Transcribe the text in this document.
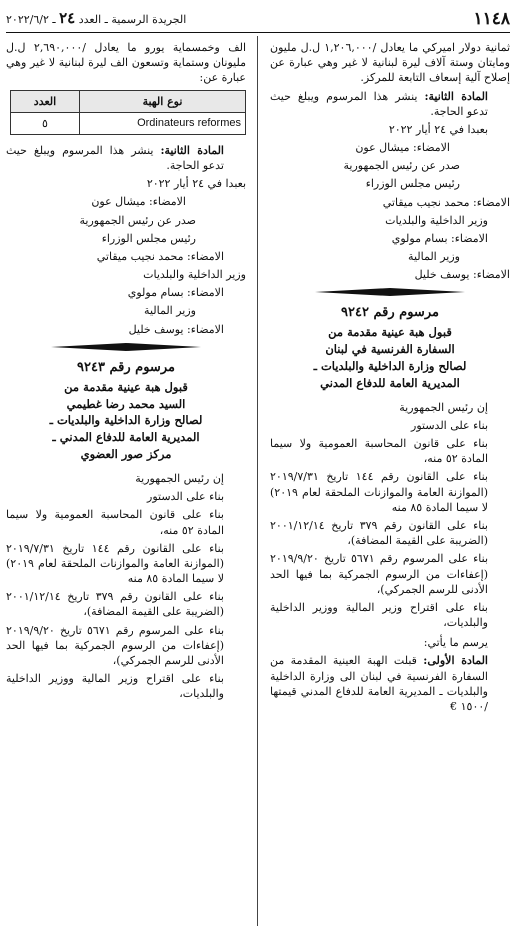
١١٤٨
الجريدة الرسمية ـ العدد ٢٤ ـ ٢٠٢٢/٦/٢

ثمانية دولار اميركي ما يعادل /١,٢٠٦,٠٠٠ ل.ل مليون ومايتان وستة آلاف ليرة لبنانية لا غير وهي عبارة عن إصلاح آلية إسعاف التابعة للمركز.

المادة الثانية: ينشر هذا المرسوم ويبلغ حيث تدعو الحاجة.

بعبدا في ٢٤ أيار ٢٠٢٢

الامضاء: ميشال عون

صدر عن رئيس الجمهورية

رئيس مجلس الوزراء

الامضاء: محمد نجيب ميقاتي

وزير الداخلية والبلديات

الامضاء: بسام مولوي

وزير المالية

الامضاء: يوسف خليل

مرسوم رقم ٩٢٤٢
قبول هبة عينية مقدمة من
السفارة الفرنسية في لبنان
لصالح وزارة الداخلية والبلديات ـ
المديرية العامة للدفاع المدني

إن رئيس الجمهورية

بناء على الدستور

بناء على قانون المحاسبة العمومية ولا سيما المادة ٥٢ منه،

بناء على القانون رقم ١٤٤ تاريخ ٢٠١٩/٧/٣١ (الموازنة العامة والموازنات الملحقة لعام ٢٠١٩) لا سيما المادة ٨٥ منه

بناء على القانون رقم ٣٧٩ تاريخ ٢٠٠١/١٢/١٤ (الضريبة على القيمة المضافة)،

بناء على المرسوم رقم ٥٦٧١ تاريخ ٢٠١٩/٩/٢٠ (إعفاءات من الرسوم الجمركية بما فيها الحد الأدنى للرسم الجمركي)،

بناء على اقتراح وزير المالية ووزير الداخلية والبلديات،

يرسم ما يأتي:

المادة الأولى: قبلت الهبة العينية المقدمة من السفارة الفرنسية في لبنان الى وزارة الداخلية والبلديات ـ المديرية العامة للدفاع المدني قيمتها /١٥٠٠ €

الف وخمسماية يورو ما يعادل /٢,٦٩٠,٠٠٠ ل.ل مليونان وستماية وتسعون الف ليرة لبنانية لا غير وهي عبارة عن:

نوع الهبة	العدد
Ordinateurs reformes	٥

المادة الثانية: ينشر هذا المرسوم ويبلغ حيث تدعو الحاجة.

بعبدا في ٢٤ أيار ٢٠٢٢

الامضاء: ميشال عون

صدر عن رئيس الجمهورية

رئيس مجلس الوزراء

الامضاء: محمد نجيب ميقاتي

وزير الداخلية والبلديات

الامضاء: بسام مولوي

وزير المالية

الامضاء: يوسف خليل

مرسوم رقم ٩٢٤٣
قبول هبة عينية مقدمة من
السيد محمد رضا غطيمي
لصالح وزارة الداخلية والبلديات ـ
المديرية العامة للدفاع المدني ـ
مركز صور العضوي

إن رئيس الجمهورية

بناء على الدستور

بناء على قانون المحاسبة العمومية ولا سيما المادة ٥٢ منه،

بناء على القانون رقم ١٤٤ تاريخ ٢٠١٩/٧/٣١ (الموازنة العامة والموازنات الملحقة لعام ٢٠١٩) لا سيما المادة ٨٥ منه

بناء على القانون رقم ٣٧٩ تاريخ ٢٠٠١/١٢/١٤ (الضريبة على القيمة المضافة)،

بناء على المرسوم رقم ٥٦٧١ تاريخ ٢٠١٩/٩/٢٠ (إعفاءات من الرسوم الجمركية بما فيها الحد الأدنى للرسم الجمركي)،

بناء على اقتراح وزير المالية ووزير الداخلية والبلديات،
